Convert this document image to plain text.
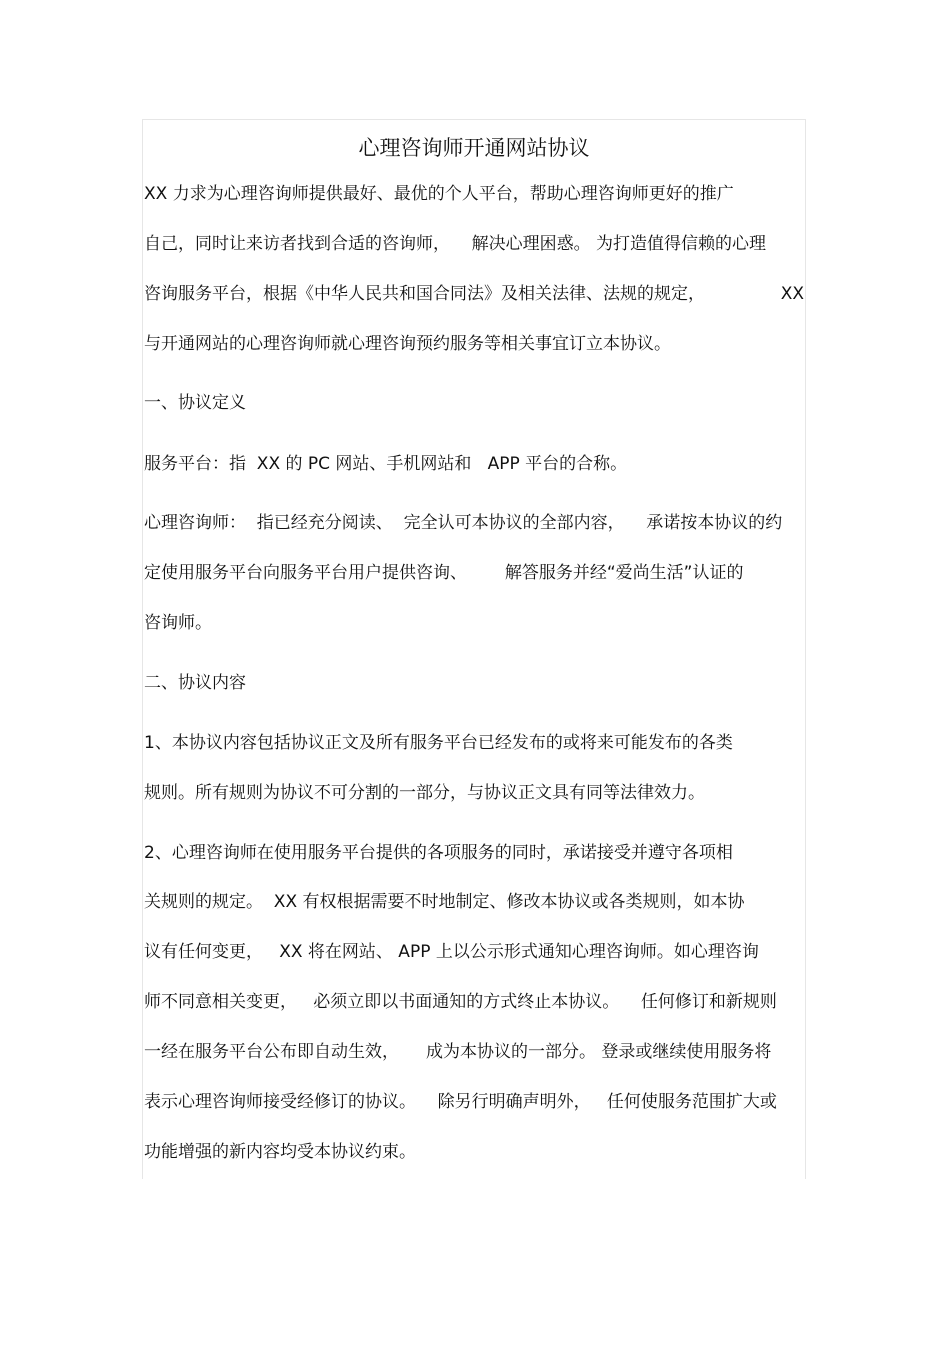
心理咨询师开通网站协议

XX 力求为心理咨询师提供最好、最优的个人平台，帮助心理咨询师更好的推广

自己，同时让来访者找到合适的咨询师，    解决心理困惑。 为打造值得信赖的心理

咨询服务平台，根据《中华人民共和国合同法》及相关法律、法规的规定，	XX

与开通网站的心理咨询师就心理咨询预约服务等相关事宜订立本协议。

一、协议定义

服务平台：指  XX 的 PC 网站、手机网站和   APP 平台的合称。

心理咨询师：  指已经充分阅读、  完全认可本协议的全部内容，    承诺按本协议的约

定使用服务平台向服务平台用户提供咨询、       解答服务并经“爱尚生活”认证的

咨询师。

二、协议内容

1、本协议内容包括协议正文及所有服务平台已经发布的或将来可能发布的各类

规则。所有规则为协议不可分割的一部分，与协议正文具有同等法律效力。

2、心理咨询师在使用服务平台提供的各项服务的同时，承诺接受并遵守各项相

关规则的规定。  XX 有权根据需要不时地制定、修改本协议或各类规则，如本协

议有任何变更，   XX 将在网站、 APP 上以公示形式通知心理咨询师。如心理咨询

师不同意相关变更，   必须立即以书面通知的方式终止本协议。    任何修订和新规则

一经在服务平台公布即自动生效，     成为本协议的一部分。 登录或继续使用服务将

表示心理咨询师接受经修订的协议。    除另行明确声明外，   任何使服务范围扩大或

功能增强的新内容均受本协议约束。
